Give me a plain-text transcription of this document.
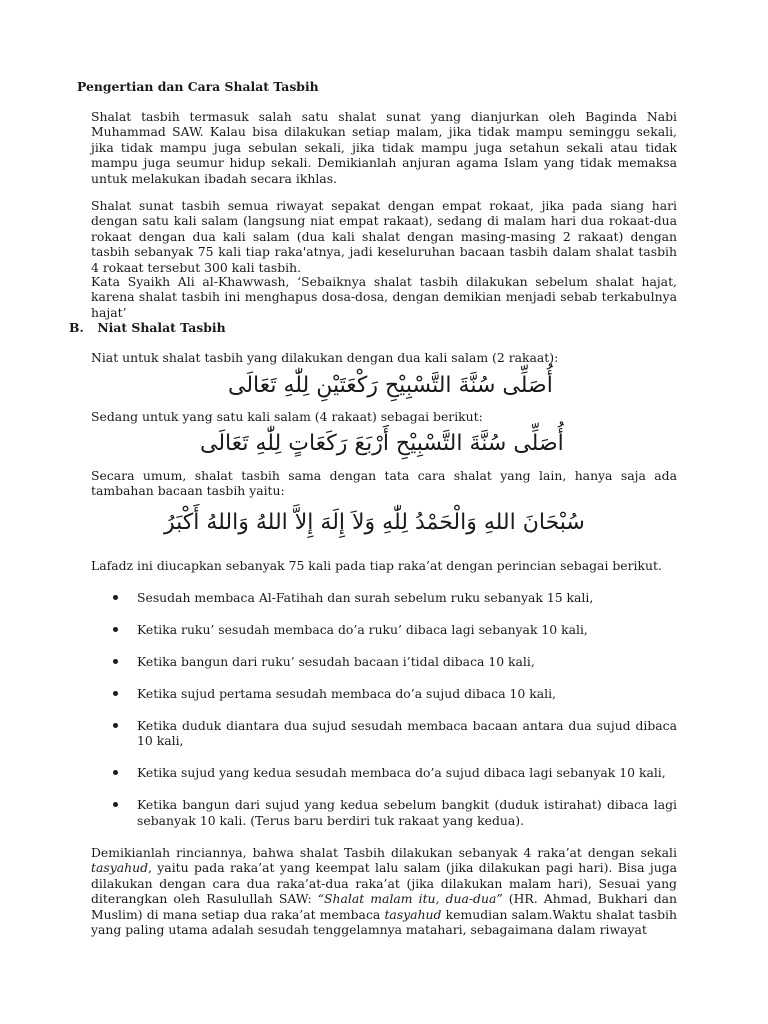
Pengertian dan Cara Shalat Tasbih
Shalat tasbih termasuk salah satu shalat sunat yang dianjurkan oleh Baginda Nabi Muhammad SAW. Kalau bisa dilakukan setiap malam, jika tidak mampu seminggu sekali, jika tidak mampu juga sebulan sekali, jika tidak mampu juga setahun sekali atau tidak mampu juga seumur hidup sekali. Demikianlah anjuran agama Islam yang tidak memaksa untuk melakukan ibadah secara ikhlas.
Shalat sunat tasbih semua riwayat sepakat dengan empat rokaat, jika pada siang hari dengan satu kali salam (langsung niat empat rakaat), sedang di malam hari dua rokaat-dua rokaat dengan dua kali salam (dua kali shalat dengan masing-masing 2 rakaat) dengan tasbih sebanyak 75 kali tiap raka'atnya, jadi keseluruhan bacaan tasbih dalam shalat tasbih 4 rokaat tersebut 300 kali tasbih.
Kata Syaikh Ali al-Khawwash, ‘Sebaiknya shalat tasbih dilakukan sebelum shalat hajat, karena shalat tasbih ini menghapus dosa-dosa, dengan demikian menjadi sebab terkabulnya hajat’
B. Niat Shalat Tasbih
Niat untuk shalat tasbih yang dilakukan dengan dua kali salam (2 rakaat):
أُصَلِّى سُنَّةَ التَّسْبِيْحِ رَكْعَتَيْنِ لِلّٰهِ تَعَالَى
Sedang untuk yang satu kali salam (4 rakaat) sebagai berikut:
أُصَلِّى سُنَّةَ التَّسْبِيْحِ أَرْبَعَ رَكَعَاتٍ لِلّٰهِ تَعَالَى
Secara umum, shalat tasbih sama dengan tata cara shalat yang lain, hanya saja ada tambahan bacaan tasbih yaitu:
سُبْحَانَ اللهِ وَالْحَمْدُ لِلّٰهِ وَلاَ إِلَهَ إِلاَّ اللهُ وَاللهُ أَكْبَرُ
Lafadz ini diucapkan sebanyak 75 kali pada tiap raka’at dengan perincian sebagai berikut.
Sesudah membaca Al-Fatihah dan surah sebelum ruku sebanyak 15 kali,
Ketika ruku’ sesudah membaca do’a ruku’ dibaca lagi sebanyak 10 kali,
Ketika bangun dari ruku’ sesudah bacaan i’tidal dibaca 10 kali,
Ketika sujud pertama sesudah membaca do’a sujud dibaca 10 kali,
Ketika duduk diantara dua sujud sesudah membaca bacaan antara dua sujud dibaca 10 kali,
Ketika sujud yang kedua sesudah membaca do’a sujud dibaca lagi sebanyak 10 kali,
Ketika bangun dari sujud yang kedua sebelum bangkit (duduk istirahat) dibaca lagi sebanyak 10 kali. (Terus baru berdiri tuk rakaat yang kedua).
Demikianlah rinciannya, bahwa shalat Tasbih dilakukan sebanyak 4 raka’at dengan sekali tasyahud, yaitu pada raka’at yang keempat lalu salam (jika dilakukan pagi hari). Bisa juga dilakukan dengan cara dua raka’at-dua raka’at (jika dilakukan malam hari), Sesuai yang diterangkan oleh Rasulullah SAW: “Shalat malam itu, dua-dua” (HR. Ahmad, Bukhari dan Muslim) di mana setiap dua raka’at membaca tasyahud kemudian salam.Waktu shalat tasbih yang paling utama adalah sesudah tenggelamnya matahari, sebagaimana dalam riwayat
